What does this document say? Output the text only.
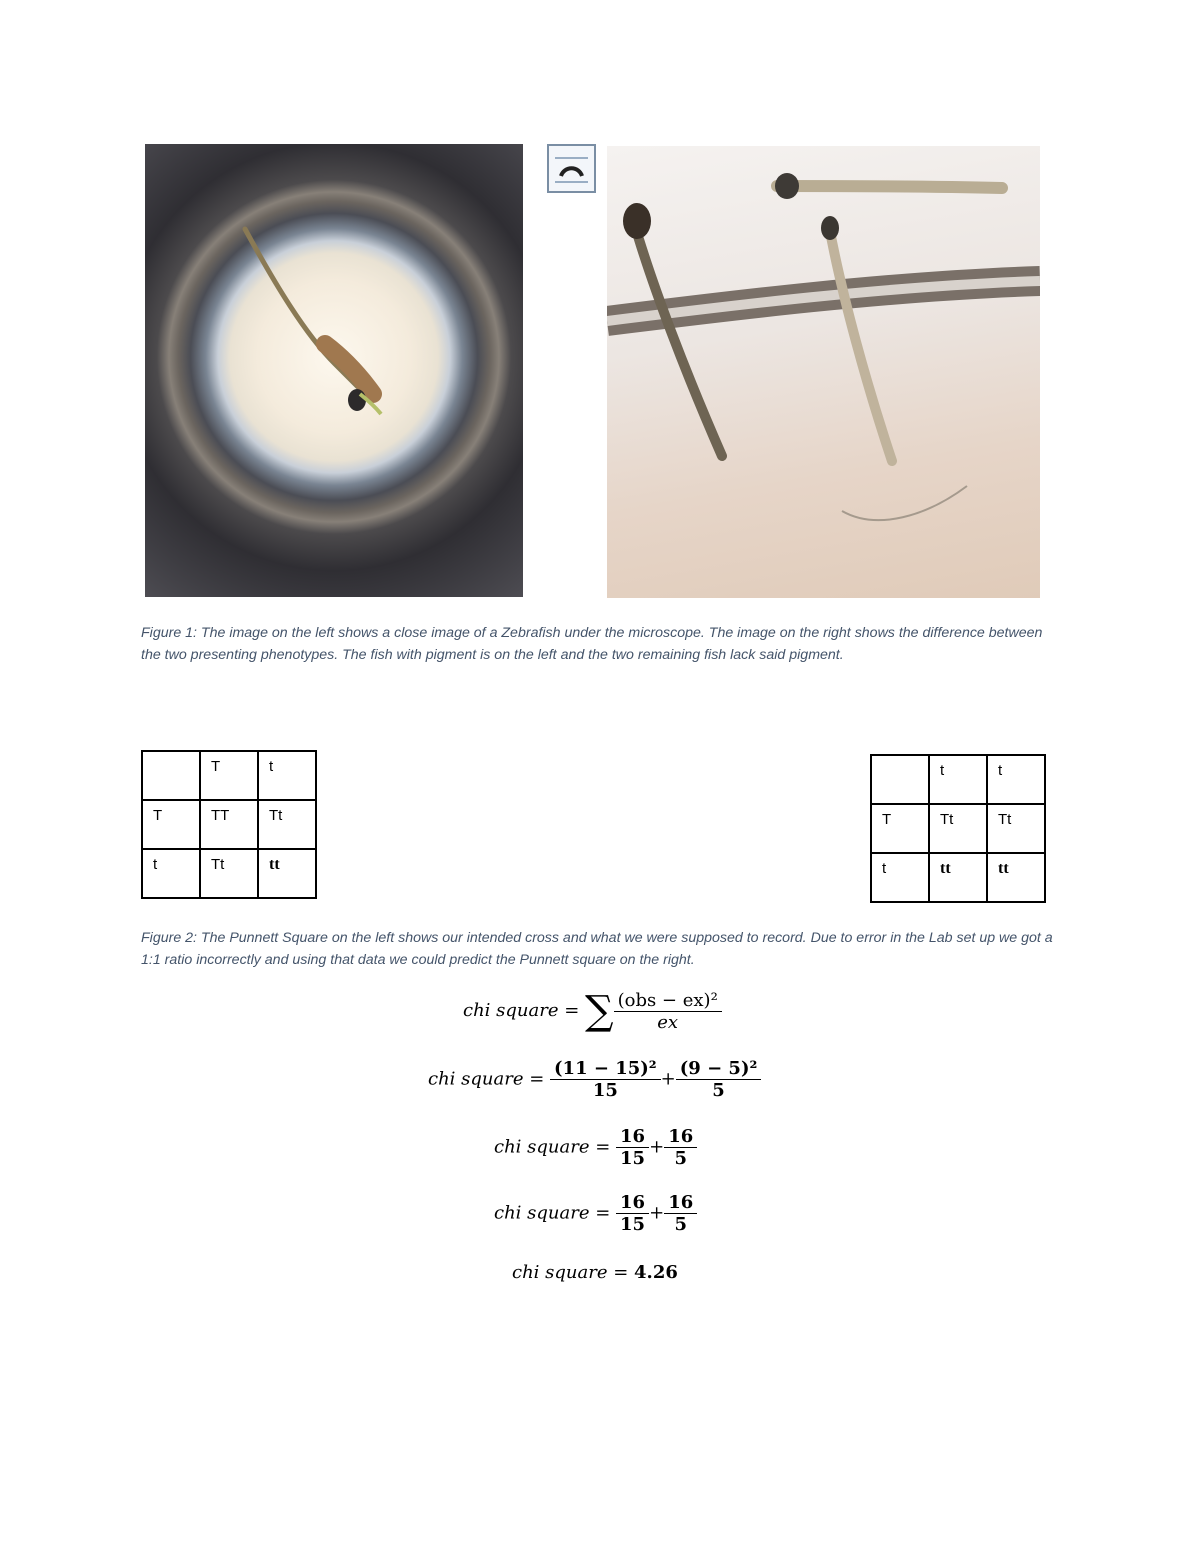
Figure 1: The image on the left shows a close image of a Zebrafish under the microscope. The image on the right shows the difference between the two presenting phenotypes. The fish with pigment is on the left and the two remaining fish lack said pigment.
	T	t
T	TT	Tt
t	Tt	tt
	t	t
T	Tt	Tt
t	tt	tt
Figure 2: The Punnett Square on the left shows our intended cross and what we were supposed to record. Due to error in the Lab set up we got a 1:1 ratio incorrectly and using that data we could predict the Punnett square on the right.
chi square = ∑ $\frac{\text{(obs − ex)²}}{ex}$
chi square = $\frac{\text{(11 − 15)²}}{15} + \frac{\text{(9 − 5)²}}{5}$
chi square = $\frac{16}{15} + \frac{16}{5}$
chi square = $\frac{16}{15} + \frac{16}{5}$
chi square = 4.26
